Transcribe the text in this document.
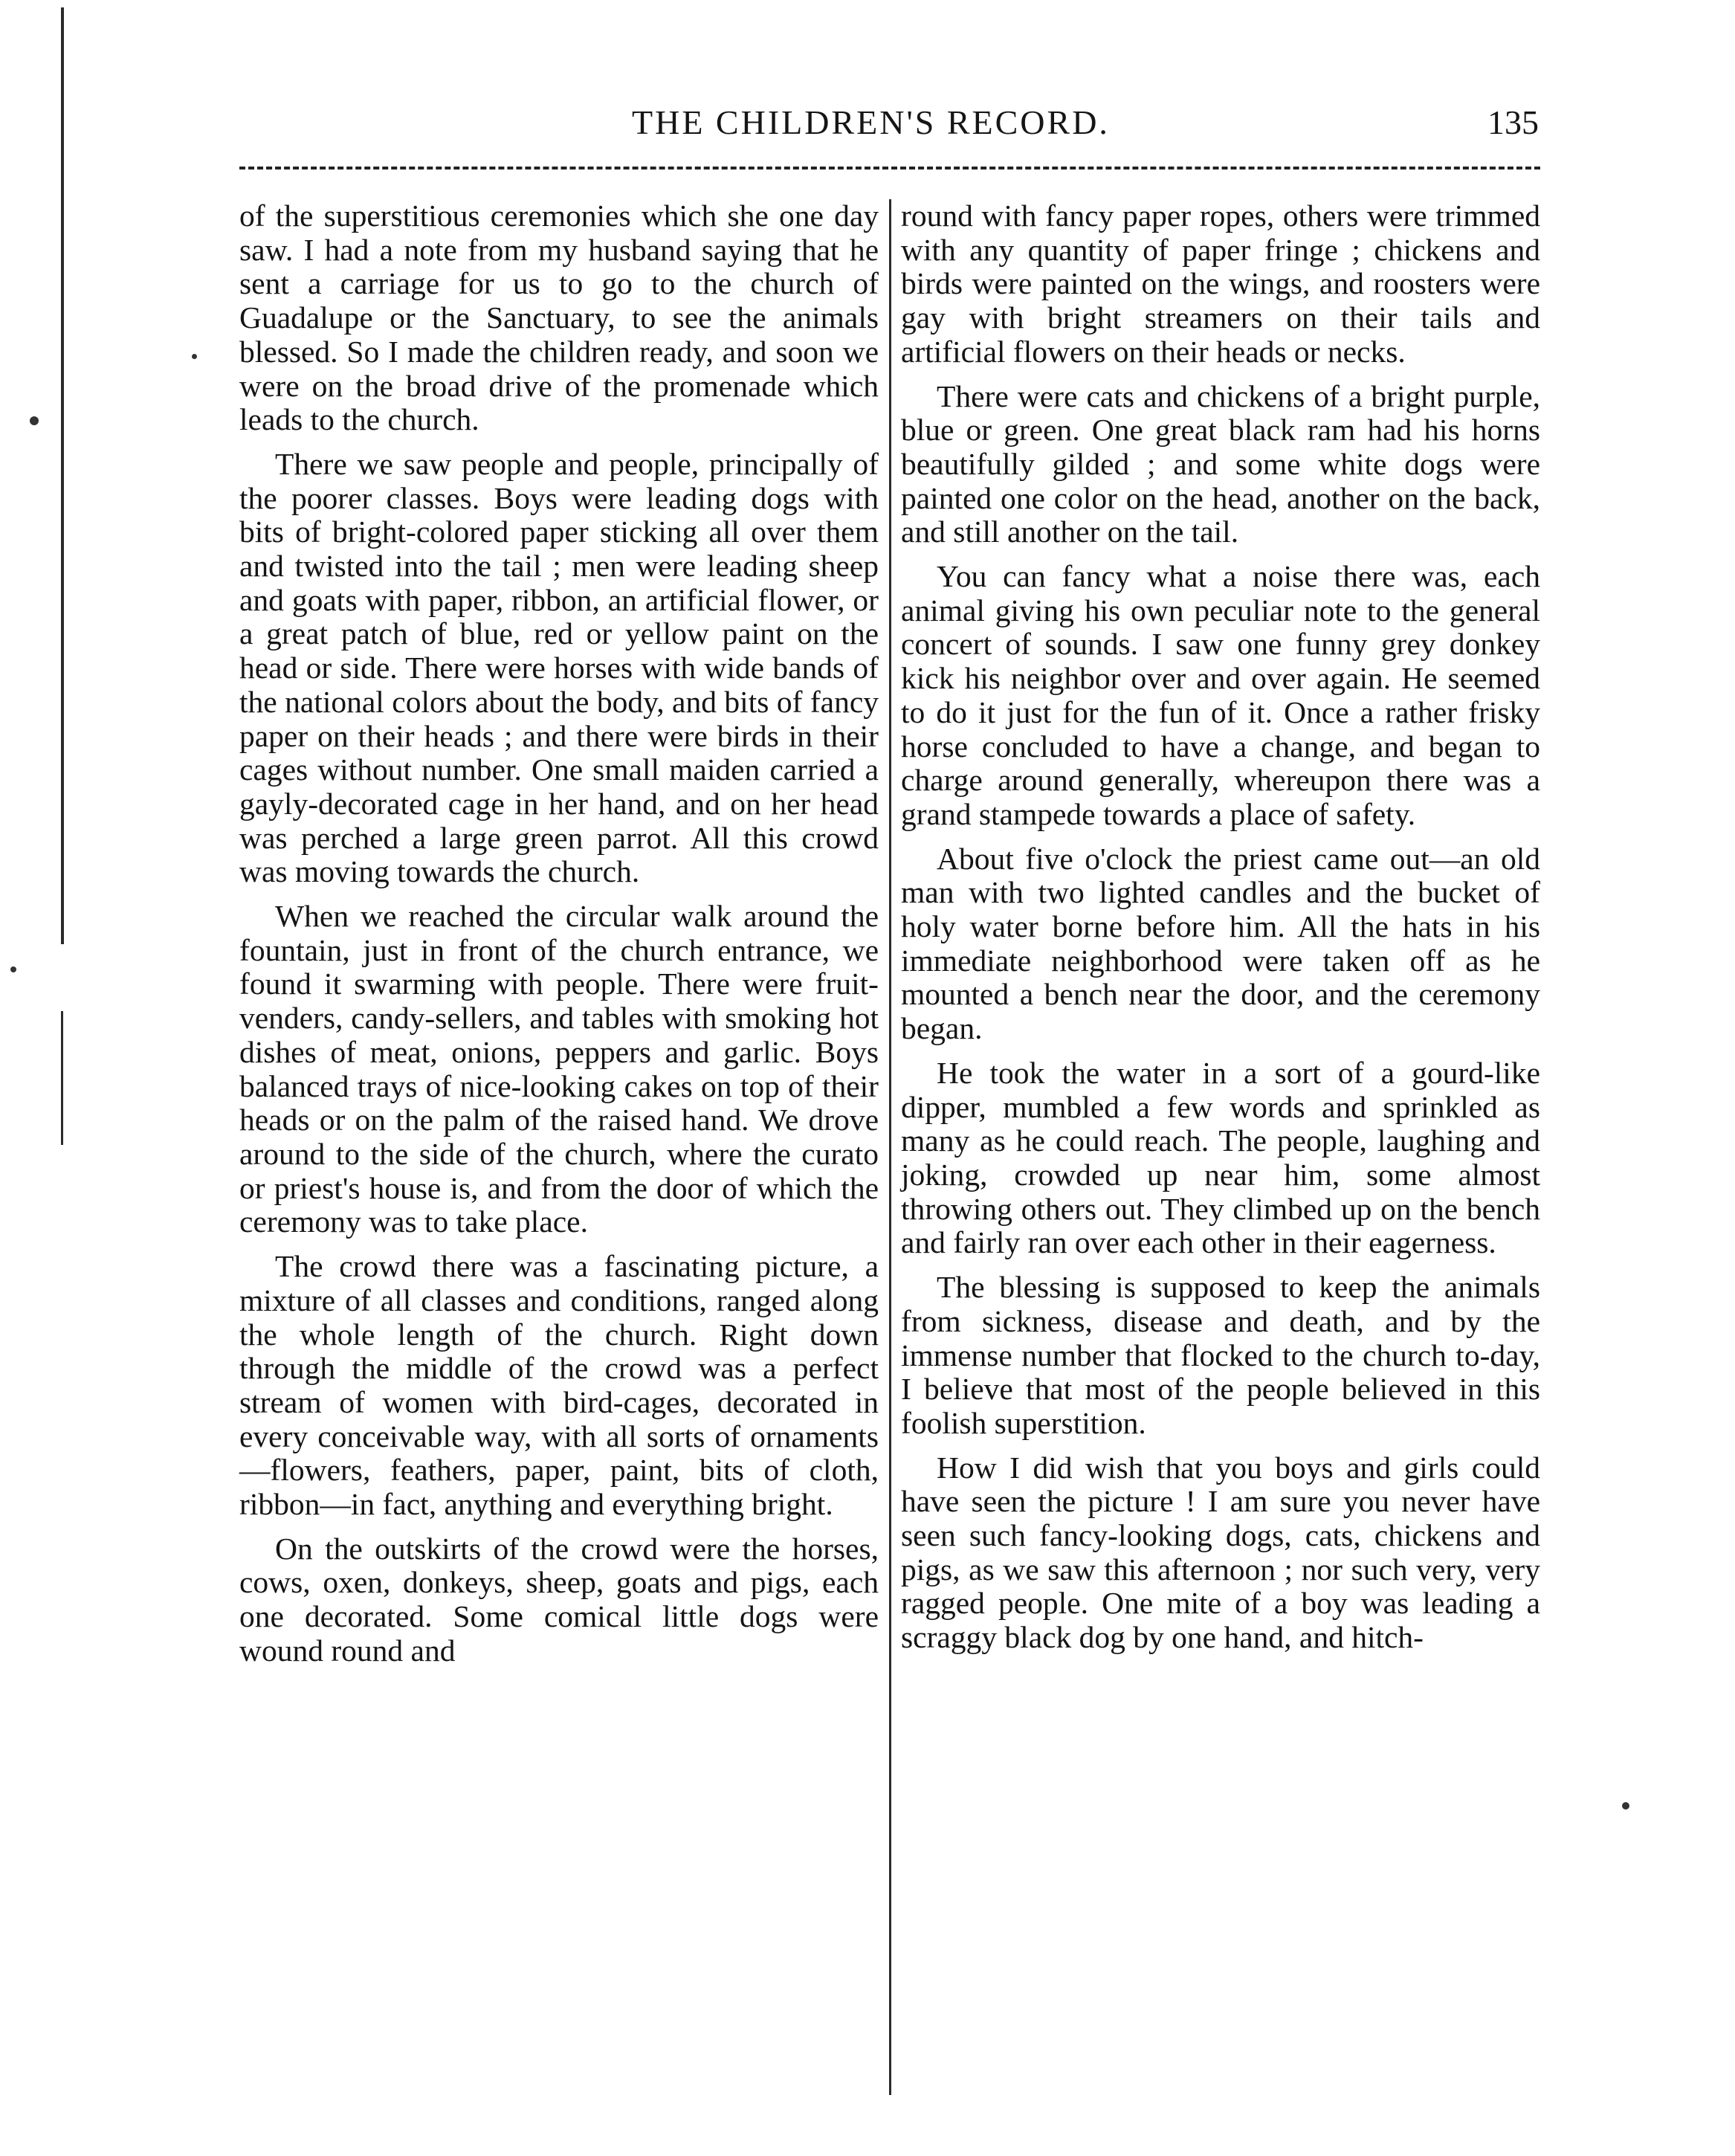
THE CHILDREN'S RECORD.	135

of the superstitious ceremonies which she one day saw. I had a note from my husband saying that he sent a carriage for us to go to the church of Guadalupe or the Sanctuary, to see the animals blessed. So I made the children ready, and soon we were on the broad drive of the promenade which leads to the church.

There we saw people and people, principally of the poorer classes. Boys were leading dogs with bits of bright-colored paper sticking all over them and twisted into the tail ; men were leading sheep and goats with paper, ribbon, an artificial flower, or a great patch of blue, red or yellow paint on the head or side. There were horses with wide bands of the national colors about the body, and bits of fancy paper on their heads ; and there were birds in their cages without number. One small maiden carried a gayly-decorated cage in her hand, and on her head was perched a large green parrot. All this crowd was moving towards the church.

When we reached the circular walk around the fountain, just in front of the church entrance, we found it swarming with people. There were fruit-venders, candy-sellers, and tables with smoking hot dishes of meat, onions, peppers and garlic. Boys balanced trays of nice-looking cakes on top of their heads or on the palm of the raised hand. We drove around to the side of the church, where the curato or priest's house is, and from the door of which the ceremony was to take place.

The crowd there was a fascinating picture, a mixture of all classes and conditions, ranged along the whole length of the church. Right down through the middle of the crowd was a perfect stream of women with bird-cages, decorated in every conceivable way, with all sorts of ornaments—flowers, feathers, paper, paint, bits of cloth, ribbon—in fact, anything and everything bright.

On the outskirts of the crowd were the horses, cows, oxen, donkeys, sheep, goats and pigs, each one decorated. Some comical little dogs were wound round and

round with fancy paper ropes, others were trimmed with any quantity of paper fringe ; chickens and birds were painted on the wings, and roosters were gay with bright streamers on their tails and artificial flowers on their heads or necks.

There were cats and chickens of a bright purple, blue or green. One great black ram had his horns beautifully gilded ; and some white dogs were painted one color on the head, another on the back, and still another on the tail.

You can fancy what a noise there was, each animal giving his own peculiar note to the general concert of sounds. I saw one funny grey donkey kick his neighbor over and over again. He seemed to do it just for the fun of it. Once a rather frisky horse concluded to have a change, and began to charge around generally, whereupon there was a grand stampede towards a place of safety.

About five o'clock the priest came out—an old man with two lighted candles and the bucket of holy water borne before him. All the hats in his immediate neighborhood were taken off as he mounted a bench near the door, and the ceremony began.

He took the water in a sort of a gourd-like dipper, mumbled a few words and sprinkled as many as he could reach. The people, laughing and joking, crowded up near him, some almost throwing others out. They climbed up on the bench and fairly ran over each other in their eagerness.

The blessing is supposed to keep the animals from sickness, disease and death, and by the immense number that flocked to the church to-day, I believe that most of the people believed in this foolish superstition.

How I did wish that you boys and girls could have seen the picture ! I am sure you never have seen such fancy-looking dogs, cats, chickens and pigs, as we saw this afternoon ; nor such very, very ragged people. One mite of a boy was leading a scraggy black dog by one hand, and hitch-
